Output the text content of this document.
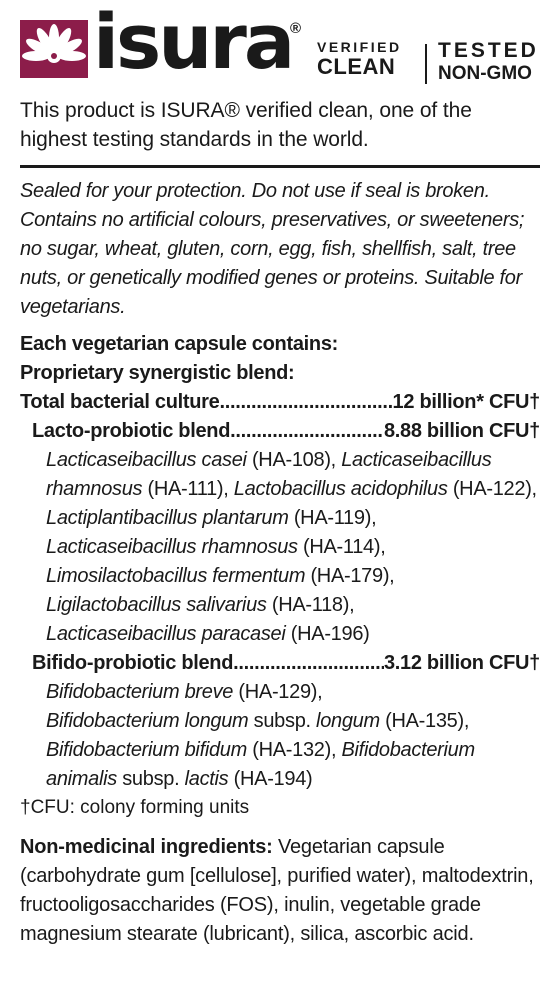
isura
®
VERIFIED
CLEAN
TESTED
NON-GMO
This product is ISURA® verified clean, one of the highest testing standards in the world.
Sealed for your protection. Do not use if seal is broken. Contains no artificial colours, preservatives, or sweeteners; no sugar, wheat, gluten, corn, egg, fish, shellfish, salt, tree nuts, or genetically modified genes or proteins. Suitable for vegetarians.
Each vegetarian capsule contains:
Proprietary synergistic blend:
Total bacterial culture .....	12 billion* CFU†
Lacto-probiotic blend .....	8.88 billion CFU†
Lacticaseibacillus casei (HA-108), Lacticaseibacillus
rhamnosus (HA-111), Lactobacillus acidophilus (HA-122),
Lactiplantibacillus plantarum (HA-119),
Lacticaseibacillus rhamnosus (HA-114),
Limosilactobacillus fermentum (HA-179),
Ligilactobacillus salivarius (HA-118),
Lacticaseibacillus paracasei (HA-196)
Bifido-probiotic blend .....	3.12 billion CFU†
Bifidobacterium breve (HA-129),
Bifidobacterium longum subsp. longum (HA-135),
Bifidobacterium bifidum (HA-132), Bifidobacterium
animalis subsp. lactis (HA-194)
†CFU: colony forming units
Non-medicinal ingredients: Vegetarian capsule (carbohydrate gum [cellulose], purified water), maltodextrin, fructooligosaccharides (FOS), inulin, vegetable grade magnesium stearate (lubricant), silica, ascorbic acid.
